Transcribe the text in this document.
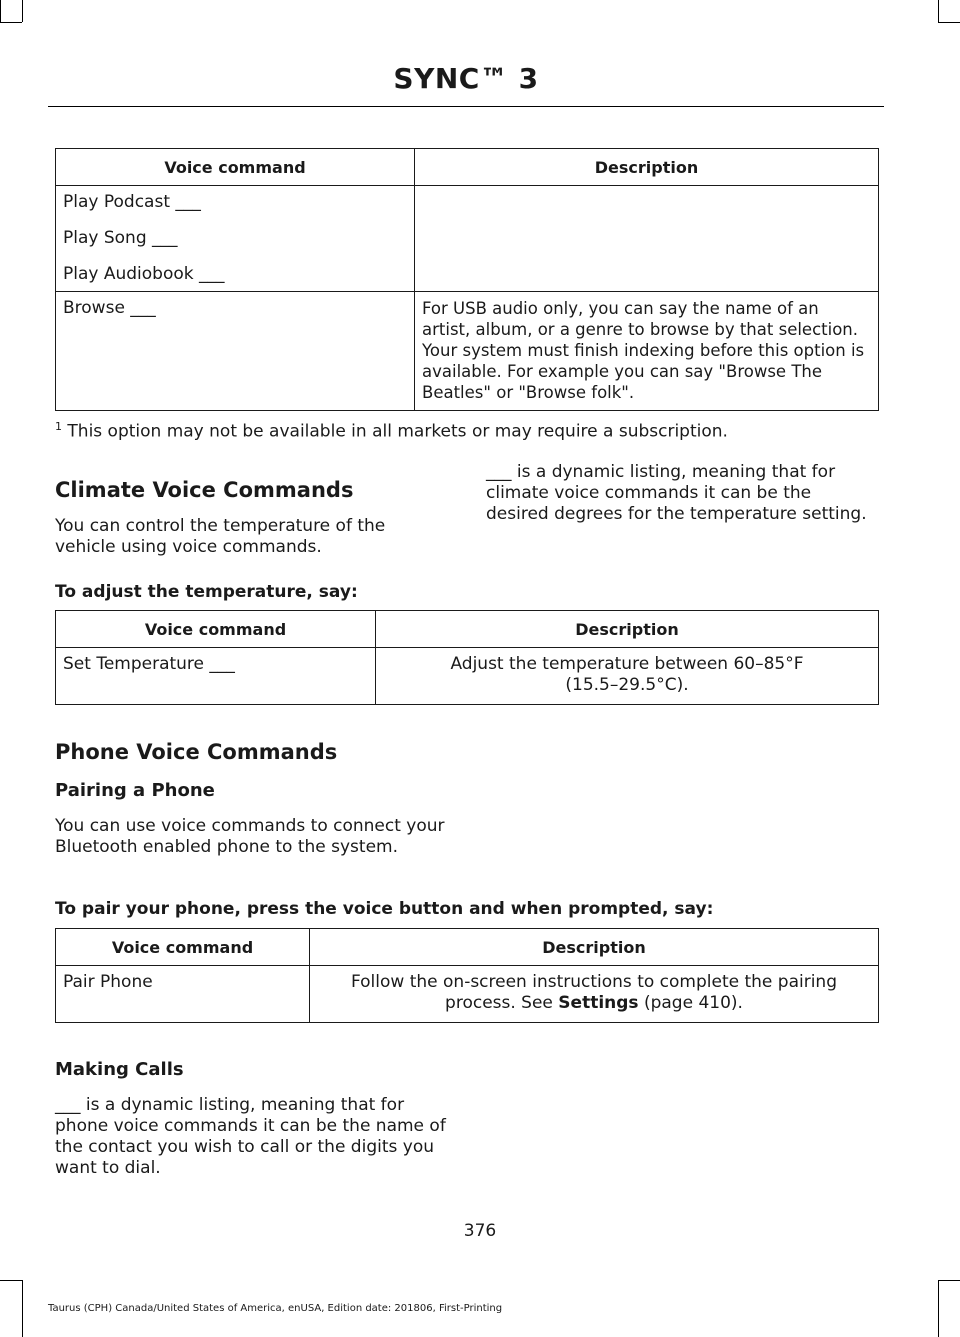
SYNC™ 3
Voice command	Description

Play Podcast ___
Play Song ___
Play Audiobook ___	

Browse ___	For USB audio only, you can say the name of an artist, album, or a genre to browse by that selection. Your system must finish indexing before this option is available. For example you can say "Browse The Beatles" or "Browse folk".
$^1$ This option may not be available in all markets or may require a subscription.
Climate Voice Commands

You can control the temperature of the vehicle using voice commands.

___ is a dynamic listing, meaning that for climate voice commands it can be the desired degrees for the temperature setting.

To adjust the temperature, say:
Voice command	Description
Set Temperature ___	Adjust the temperature between 60–85°F (15.5–29.5°C).
Phone Voice Commands
Pairing a Phone

You can use voice commands to connect your Bluetooth enabled phone to the system.

To pair your phone, press the voice button and when prompted, say:
Voice command	Description
Pair Phone	Follow the on-screen instructions to complete the pairing process. See Settings (page 410).
Making Calls

___ is a dynamic listing, meaning that for phone voice commands it can be the name of the contact you wish to call or the digits you want to dial.

376
Taurus (CPH) Canada/United States of America, enUSA, Edition date: 201806, First-Printing
